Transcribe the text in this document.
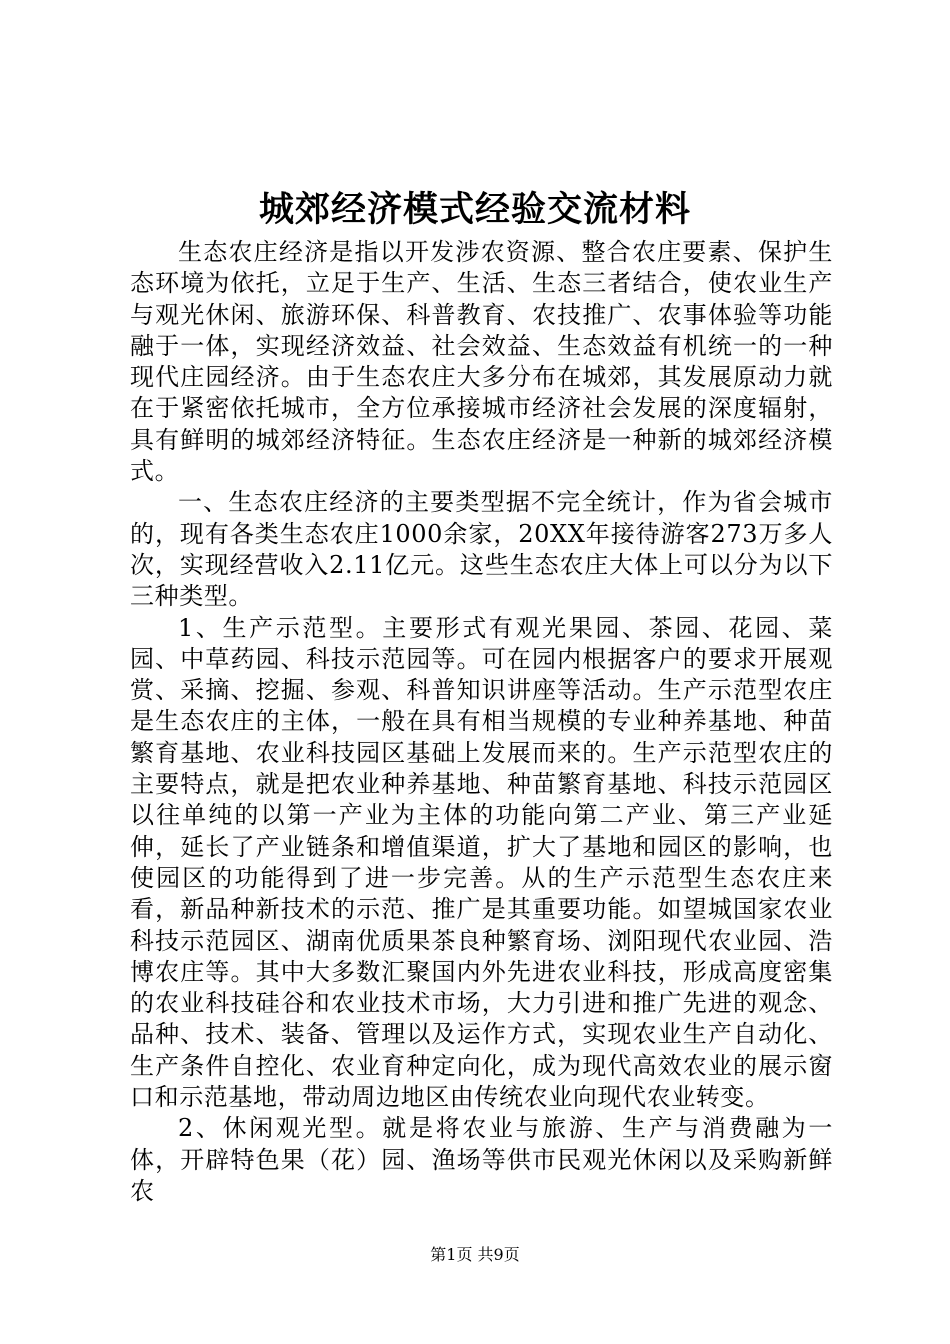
城郊经济模式经验交流材料

生态农庄经济是指以开发涉农资源、整合农庄要素、保护生态环境为依托，立足于生产、生活、生态三者结合，使农业生产与观光休闲、旅游环保、科普教育、农技推广、农事体验等功能融于一体，实现经济效益、社会效益、生态效益有机统一的一种现代庄园经济。由于生态农庄大多分布在城郊，其发展原动力就在于紧密依托城市，全方位承接城市经济社会发展的深度辐射，具有鲜明的城郊经济特征。生态农庄经济是一种新的城郊经济模式。

一、生态农庄经济的主要类型据不完全统计，作为省会城市的，现有各类生态农庄1000余家，20XX年接待游客273万多人次，实现经营收入2.11亿元。这些生态农庄大体上可以分为以下三种类型。

1、生产示范型。主要形式有观光果园、茶园、花园、菜园、中草药园、科技示范园等。可在园内根据客户的要求开展观赏、采摘、挖掘、参观、科普知识讲座等活动。生产示范型农庄是生态农庄的主体，一般在具有相当规模的专业种养基地、种苗繁育基地、农业科技园区基础上发展而来的。生产示范型农庄的主要特点，就是把农业种养基地、种苗繁育基地、科技示范园区以往单纯的以第一产业为主体的功能向第二产业、第三产业延伸，延长了产业链条和增值渠道，扩大了基地和园区的影响，也使园区的功能得到了进一步完善。从的生产示范型生态农庄来看，新品种新技术的示范、推广是其重要功能。如望城国家农业科技示范园区、湖南优质果茶良种繁育场、浏阳现代农业园、浩博农庄等。其中大多数汇聚国内外先进农业科技，形成高度密集的农业科技硅谷和农业技术市场，大力引进和推广先进的观念、品种、技术、装备、管理以及运作方式，实现农业生产自动化、生产条件自控化、农业育种定向化，成为现代高效农业的展示窗口和示范基地，带动周边地区由传统农业向现代农业转变。

2、休闲观光型。就是将农业与旅游、生产与消费融为一体，开辟特色果（花）园、渔场等供市民观光休闲以及采购新鲜农

第1页 共9页
